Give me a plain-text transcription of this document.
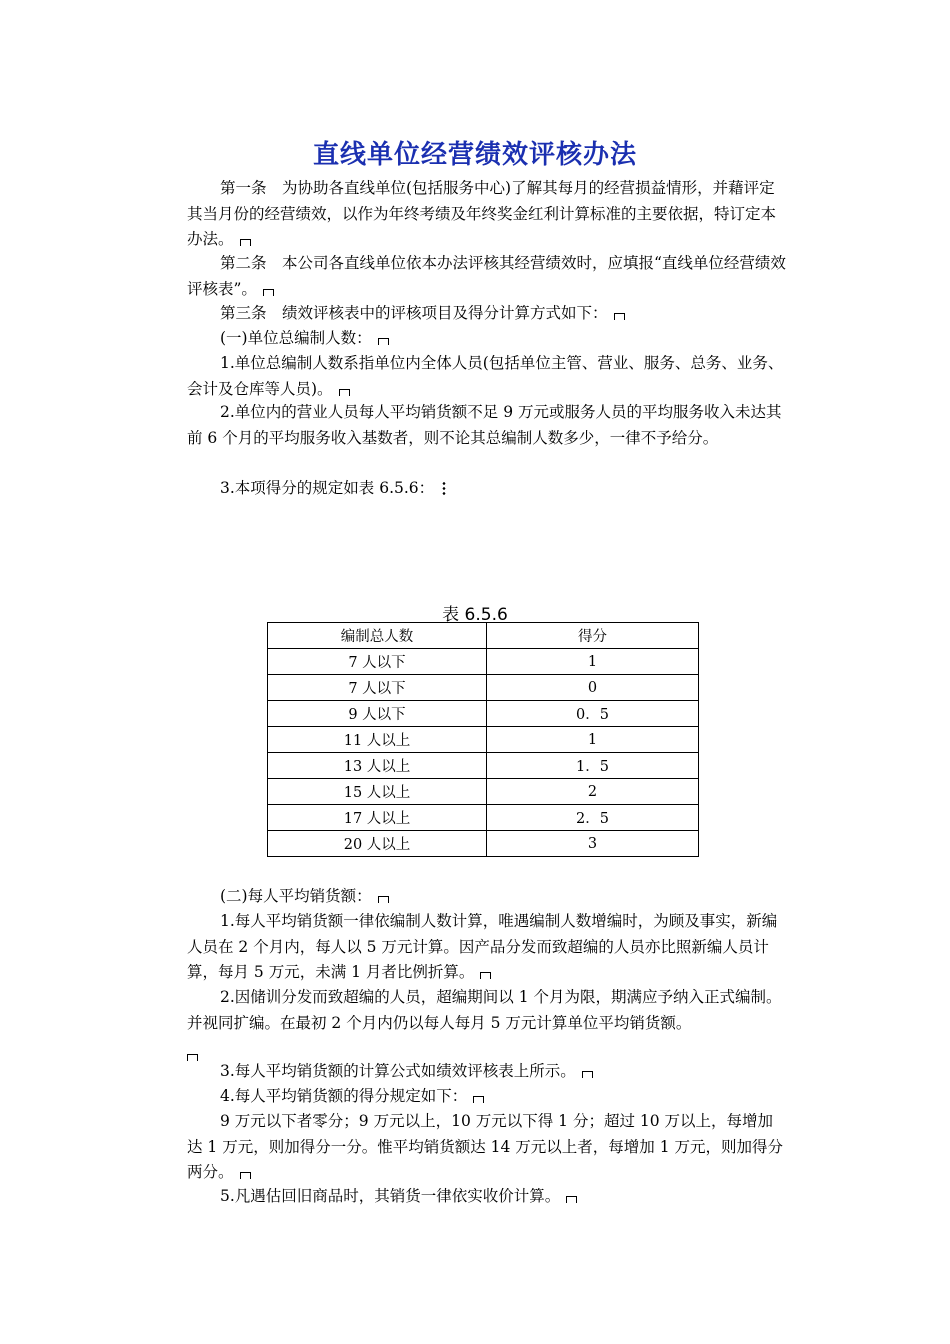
直线单位经营绩效评核办法

第一条　为协助各直线单位(包括服务中心)了解其每月的经营损益情形，并藉评定其当月份的经营绩效，以作为年终考绩及年终奖金红利计算标准的主要依据，特订定本办法。

第二条　本公司各直线单位依本办法评核其经营绩效时，应填报“直线单位经营绩效评核表”。

第三条　绩效评核表中的评核项目及得分计算方式如下：

(一)单位总编制人数：

1.单位总编制人数系指单位内全体人员(包括单位主管、营业、服务、总务、业务、会计及仓库等人员)。

2.单位内的营业人员每人平均销货额不足 9 万元或服务人员的平均服务收入未达其前 6 个月的平均服务收入基数者，则不论其总编制人数多少，一律不予给分。

3.本项得分的规定如表 6.5.6：

表 6.5.6
编制总人数	得分
7 人以下	1
7 人以下	0
9 人以下	0．5
11 人以上	1
13 人以上	1．5
15 人以上	2
17 人以上	2．5
20 人以上	3

(二)每人平均销货额：

1.每人平均销货额一律依编制人数计算，唯遇编制人数增编时，为顾及事实，新编人员在 2 个月内，每人以 5 万元计算。因产品分发而致超编的人员亦比照新编人员计算，每月 5 万元，未满 1 月者比例折算。

2.因储训分发而致超编的人员，超编期间以 1 个月为限，期满应予纳入正式编制。并视同扩编。在最初 2 个月内仍以每人每月 5 万元计算单位平均销货额。

3.每人平均销货额的计算公式如绩效评核表上所示。

4.每人平均销货额的得分规定如下：

9 万元以下者零分；9 万元以上，10 万元以下得 1 分；超过 10 万以上，每增加达 1 万元，则加得分一分。惟平均销货额达 14 万元以上者，每增加 1 万元，则加得分两分。

5.凡遇估回旧商品时，其销货一律依实收价计算。
